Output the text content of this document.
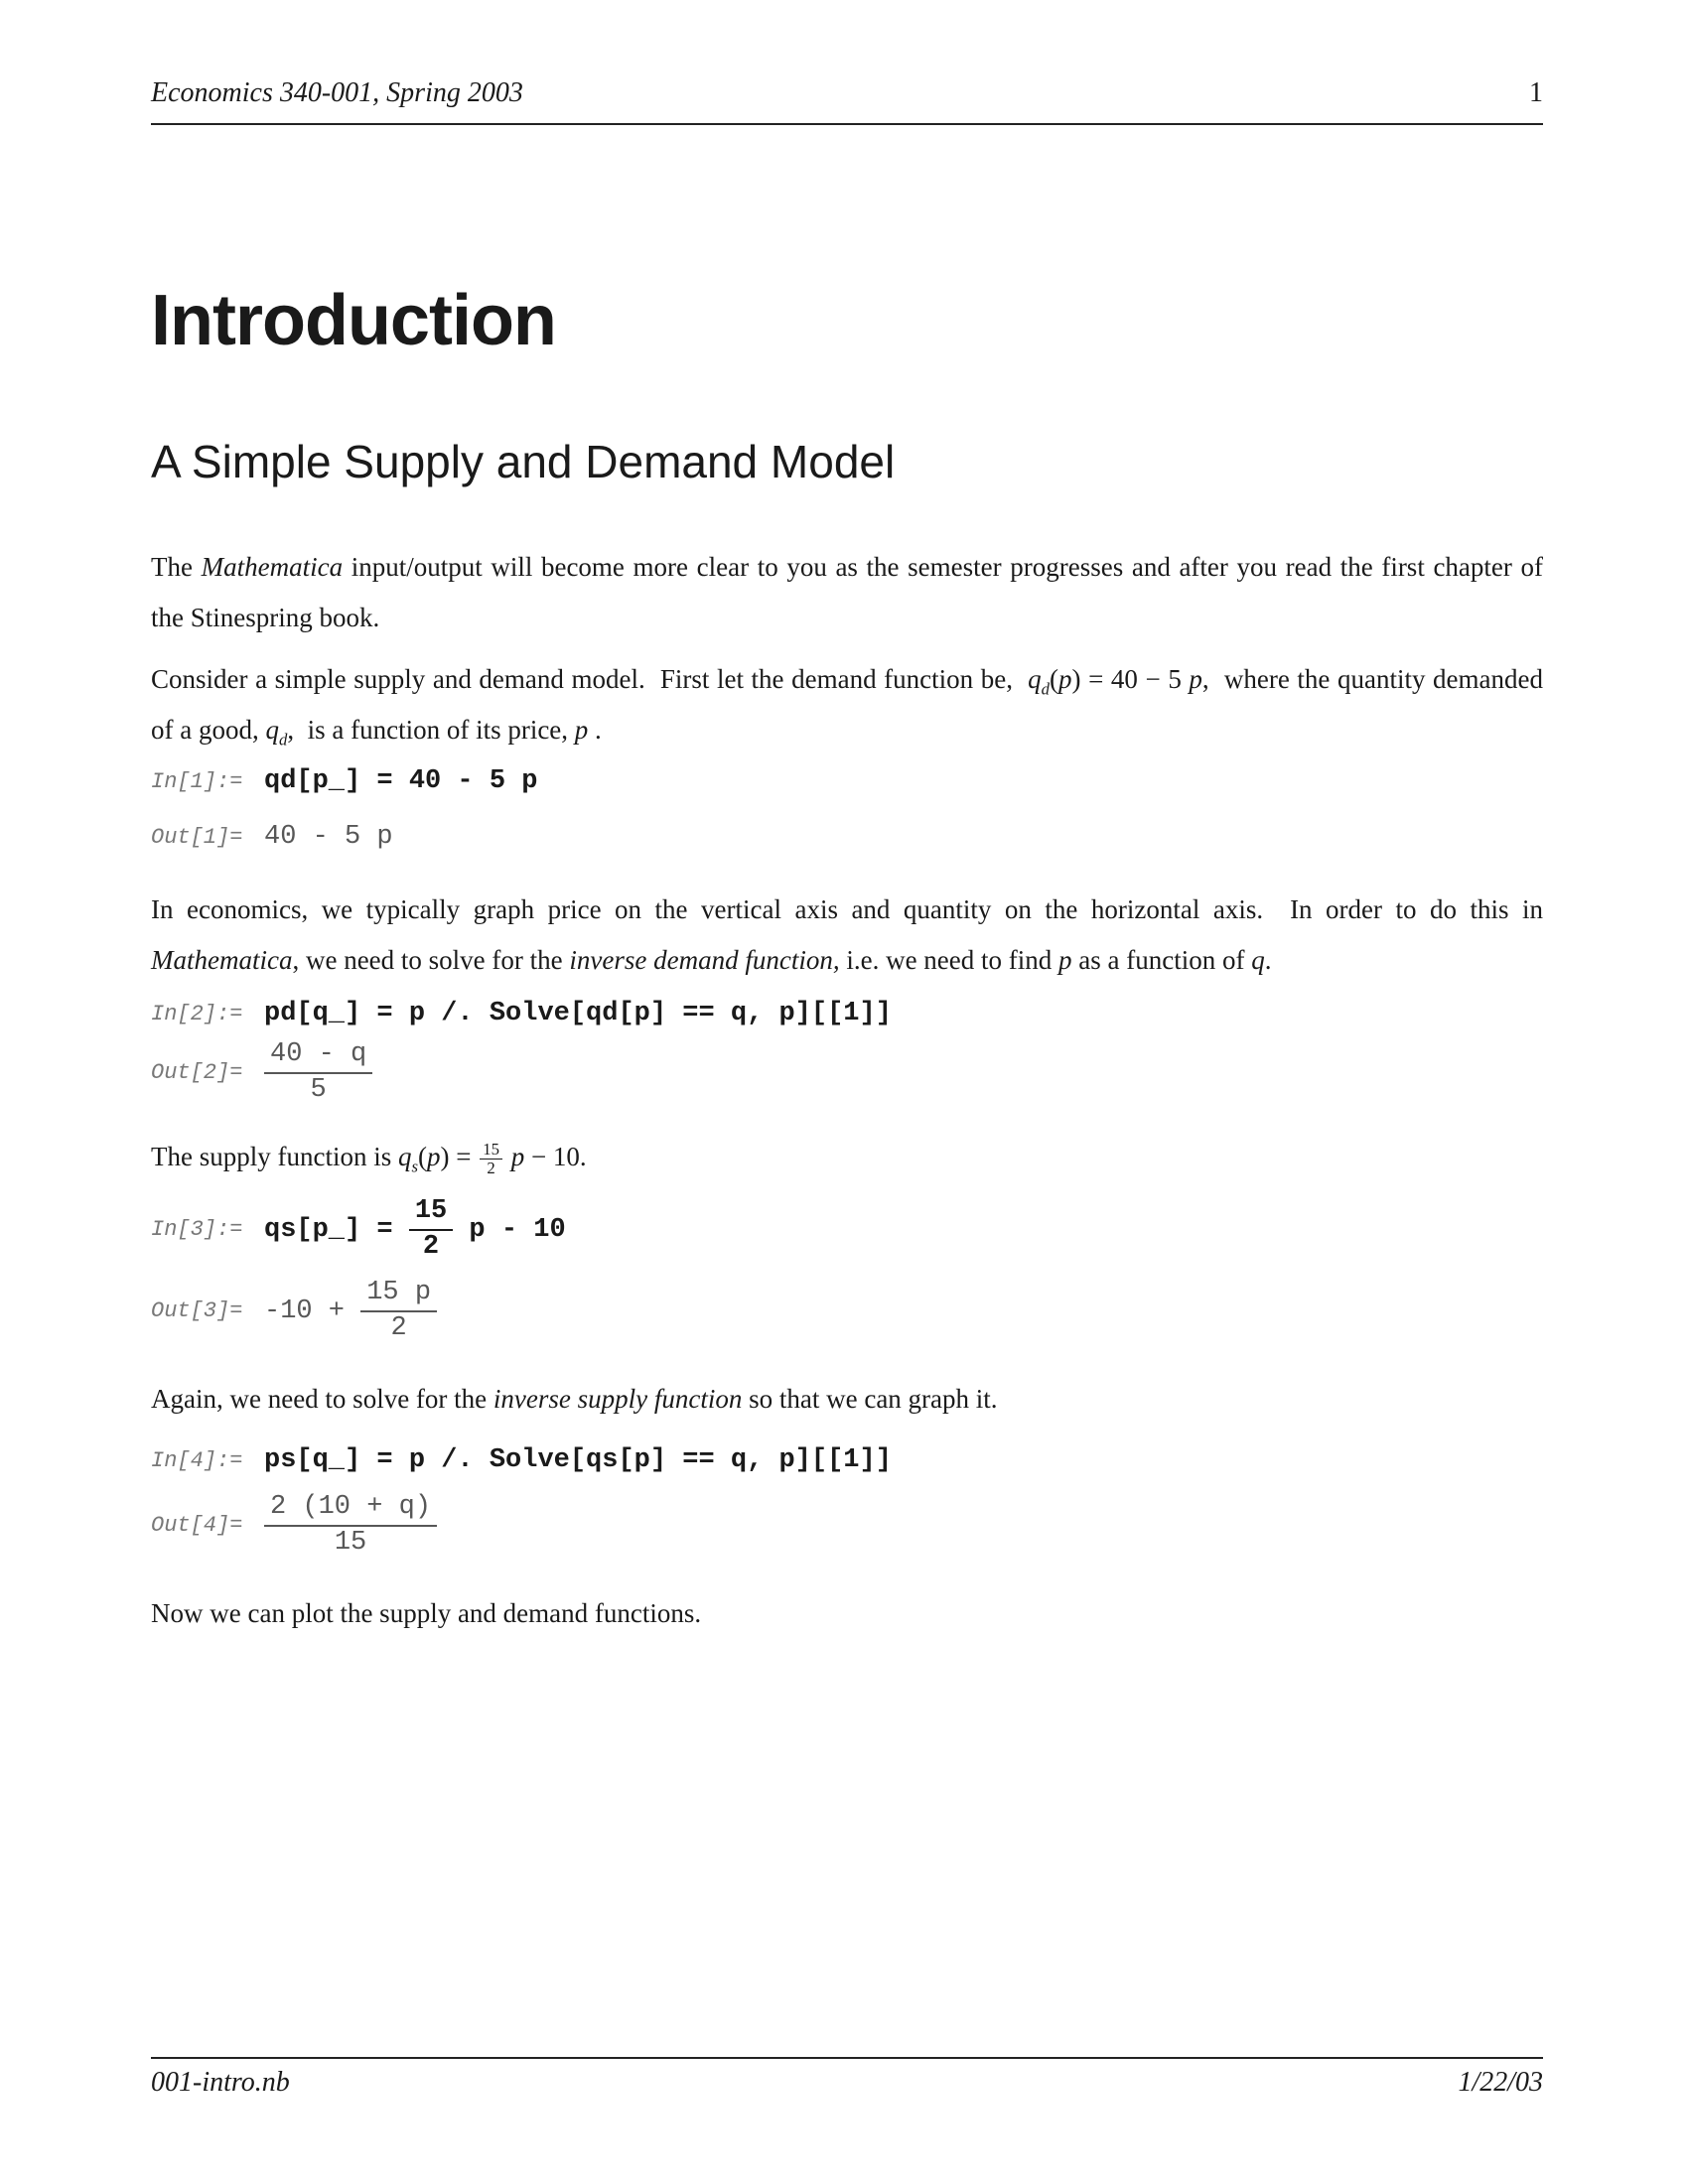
Economics 340-001, Spring 2003	1
Introduction
A Simple Supply and Demand Model
The Mathematica input/output will become more clear to you as the semester progresses and after you read the first chapter of the Stinespring book.
Consider a simple supply and demand model.  First let the demand function be,  $q_d(p) = 40 - 5$ p,  where the quantity demanded of a good, $q_d$,  is a function of its price, p .
In[1]:= qd[p_] = 40 - 5 p
Out[1]= 40 - 5 p
In economics, we typically graph price on the vertical axis and quantity on the horizontal axis.  In order to do this in Mathematica, we need to solve for the inverse demand function, i.e. we need to find p as a function of q.
In[2]:= pd[q_] = p /. Solve[qd[p] == q, p][[1]]
$Out[2]= \frac{40 - q}{5}$
The supply function is $q_s(p) = \frac{15}{2}$ p − 10.
In[3]:= qs[p_] = $\frac{15}{2}$ p - 10
$Out[3]= -10 + \frac{15 p}{2}$
Again, we need to solve for the inverse supply function so that we can graph it.
In[4]:= ps[q_] = p /. Solve[qs[p] == q, p][[1]]
$Out[4]= \frac{2 (10 + q)}{15}$
Now we can plot the supply and demand functions.
001-intro.nb	1/22/03
